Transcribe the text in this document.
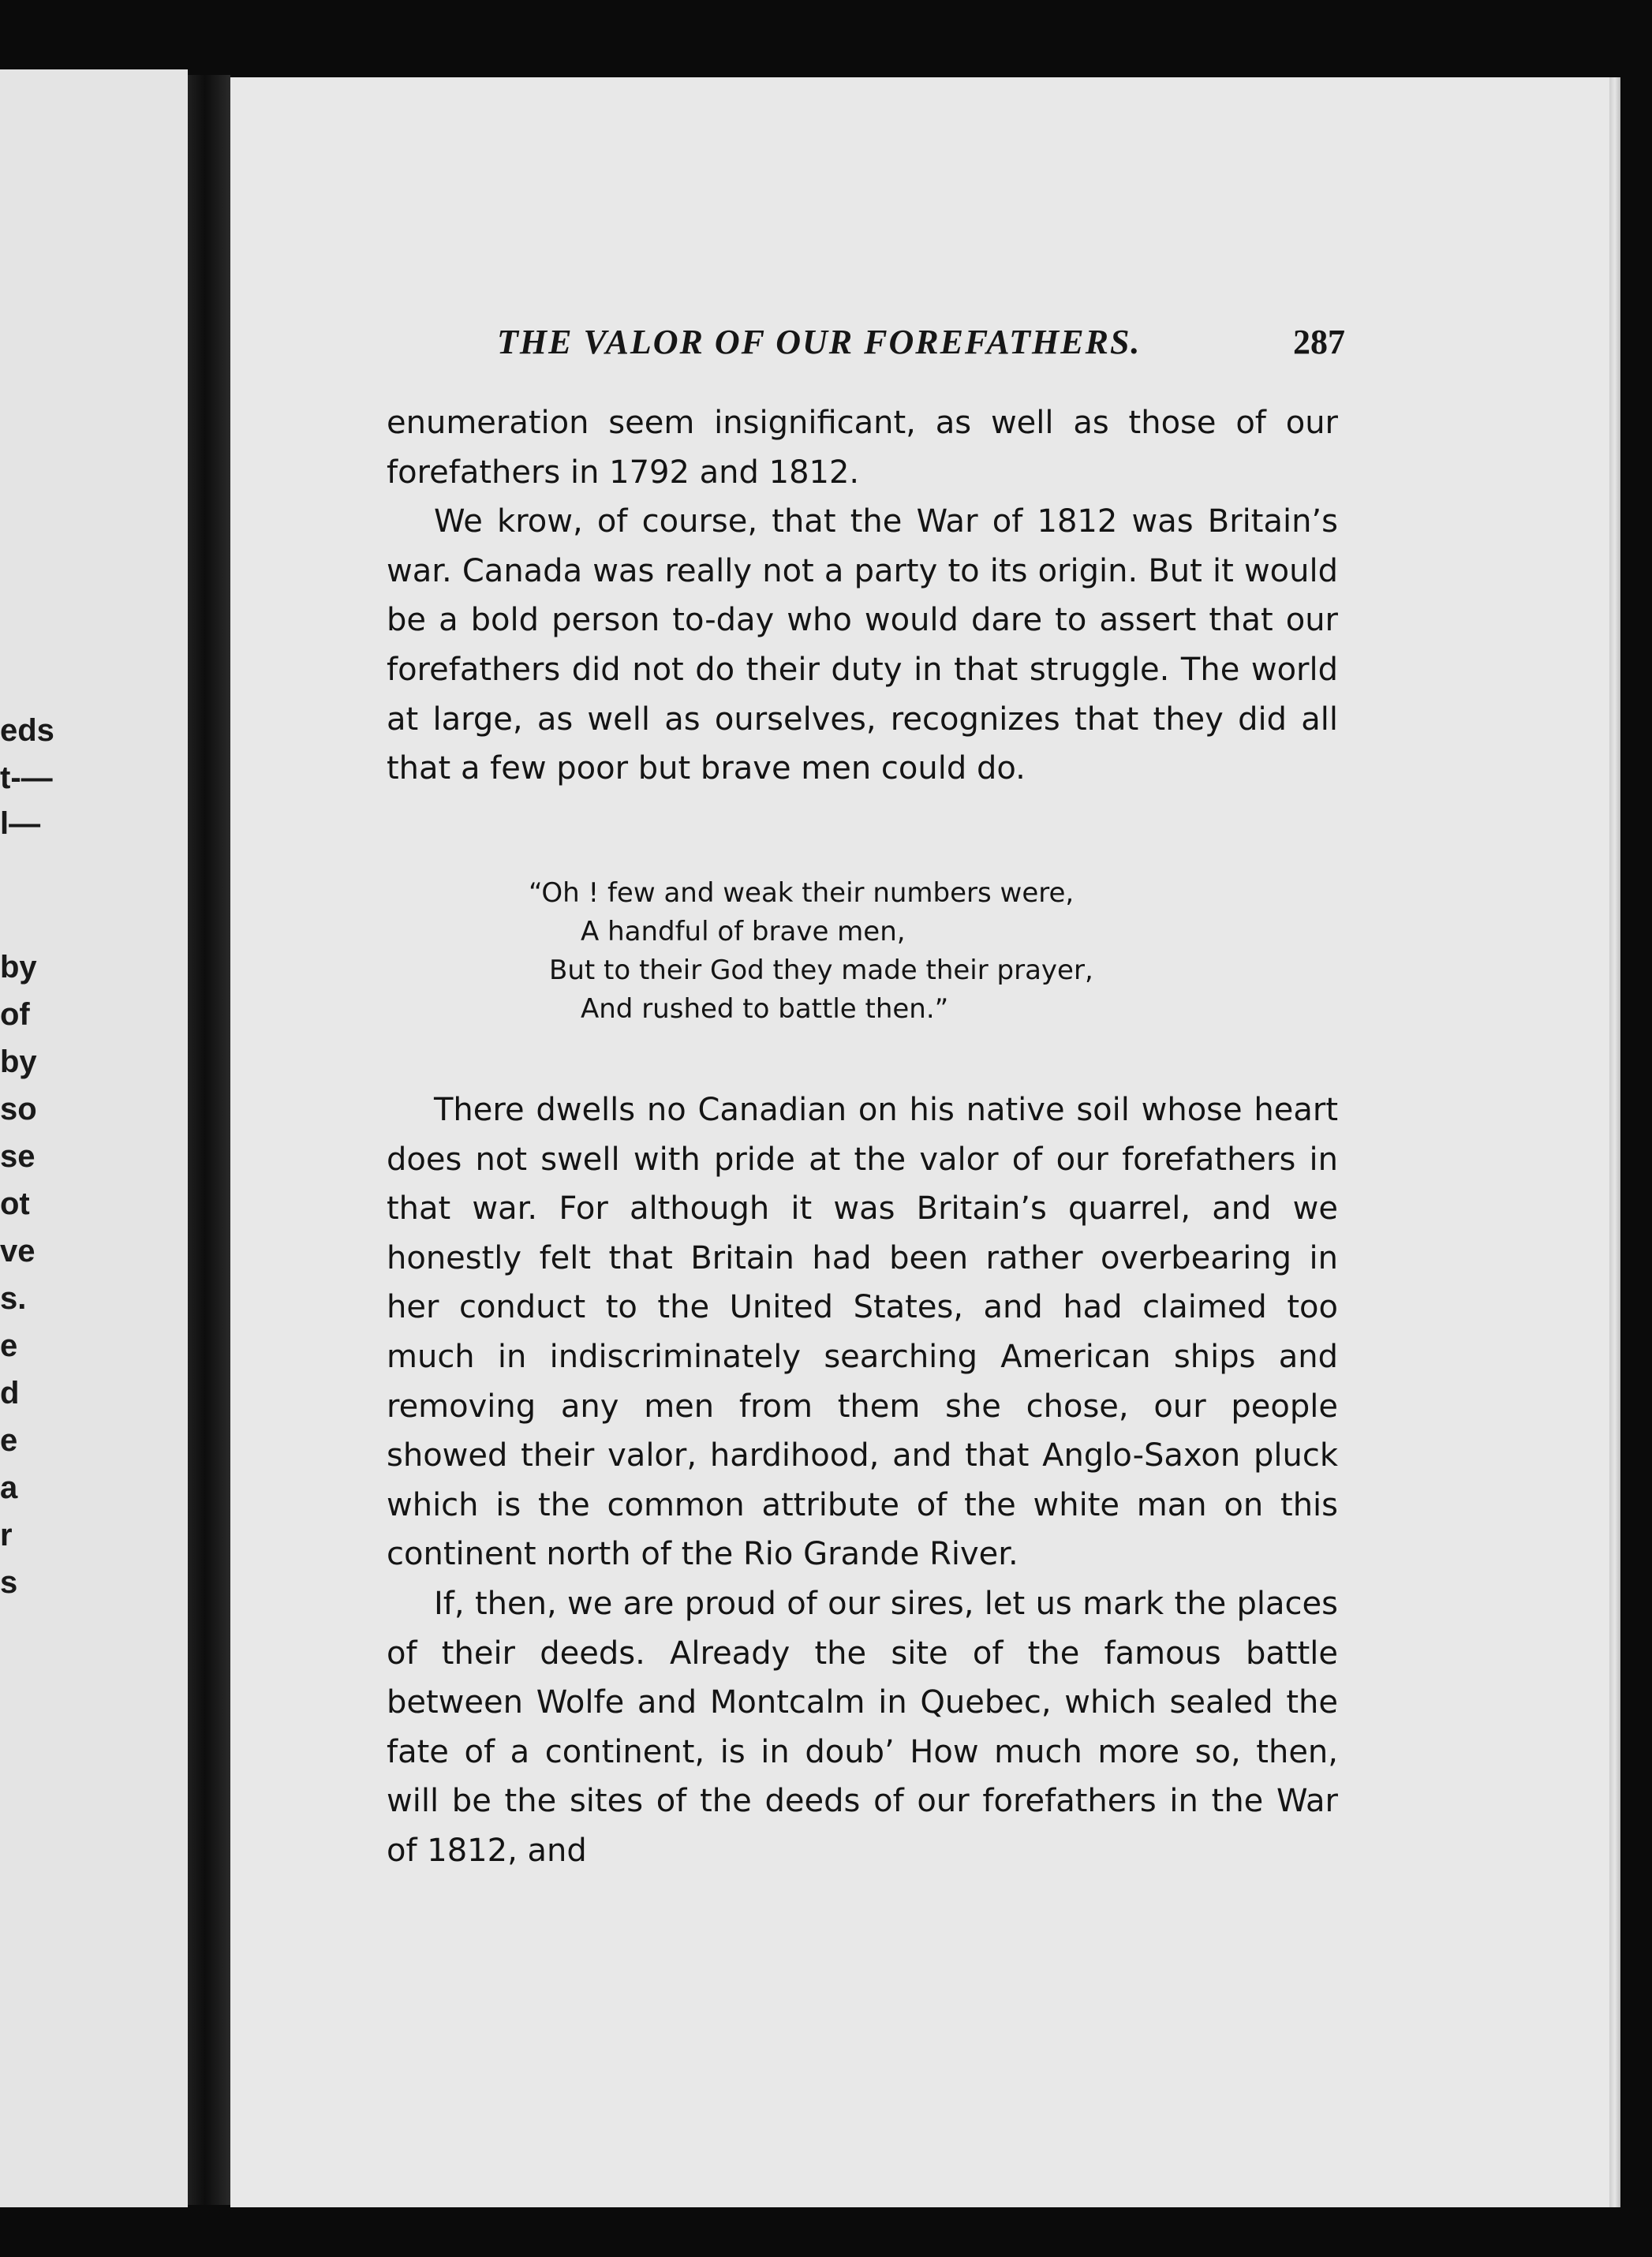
eds
t-—
l—
by
of
by
so
se
ot
ve
s.
e
d
e
a
r
s
THE VALOR OF OUR FOREFATHERS.	287

enumeration seem insignificant, as well as those of our forefathers in 1792 and 1812.

We krow, of course, that the War of 1812 was Britain’s war. Canada was really not a party to its origin. But it would be a bold person to-day who would dare to assert that our forefathers did not do their duty in that struggle. The world at large, as well as ourselves, recognizes that they did all that a few poor but brave men could do.

“Oh ! few and weak their numbers were,
A handful of brave men,
But to their God they made their prayer,
And rushed to battle then.”

There dwells no Canadian on his native soil whose heart does not swell with pride at the valor of our forefathers in that war. For although it was Britain’s quarrel, and we honestly felt that Britain had been rather overbearing in her conduct to the United States, and had claimed too much in indiscriminately searching American ships and removing any men from them she chose, our people showed their valor, hardihood, and that Anglo-Saxon pluck which is the common attribute of the white man on this continent north of the Rio Grande River.

If, then, we are proud of our sires, let us mark the places of their deeds. Already the site of the famous battle between Wolfe and Montcalm in Quebec, which sealed the fate of a continent, is in doub’ How much more so, then, will be the sites of the deeds of our forefathers in the War of 1812, and
